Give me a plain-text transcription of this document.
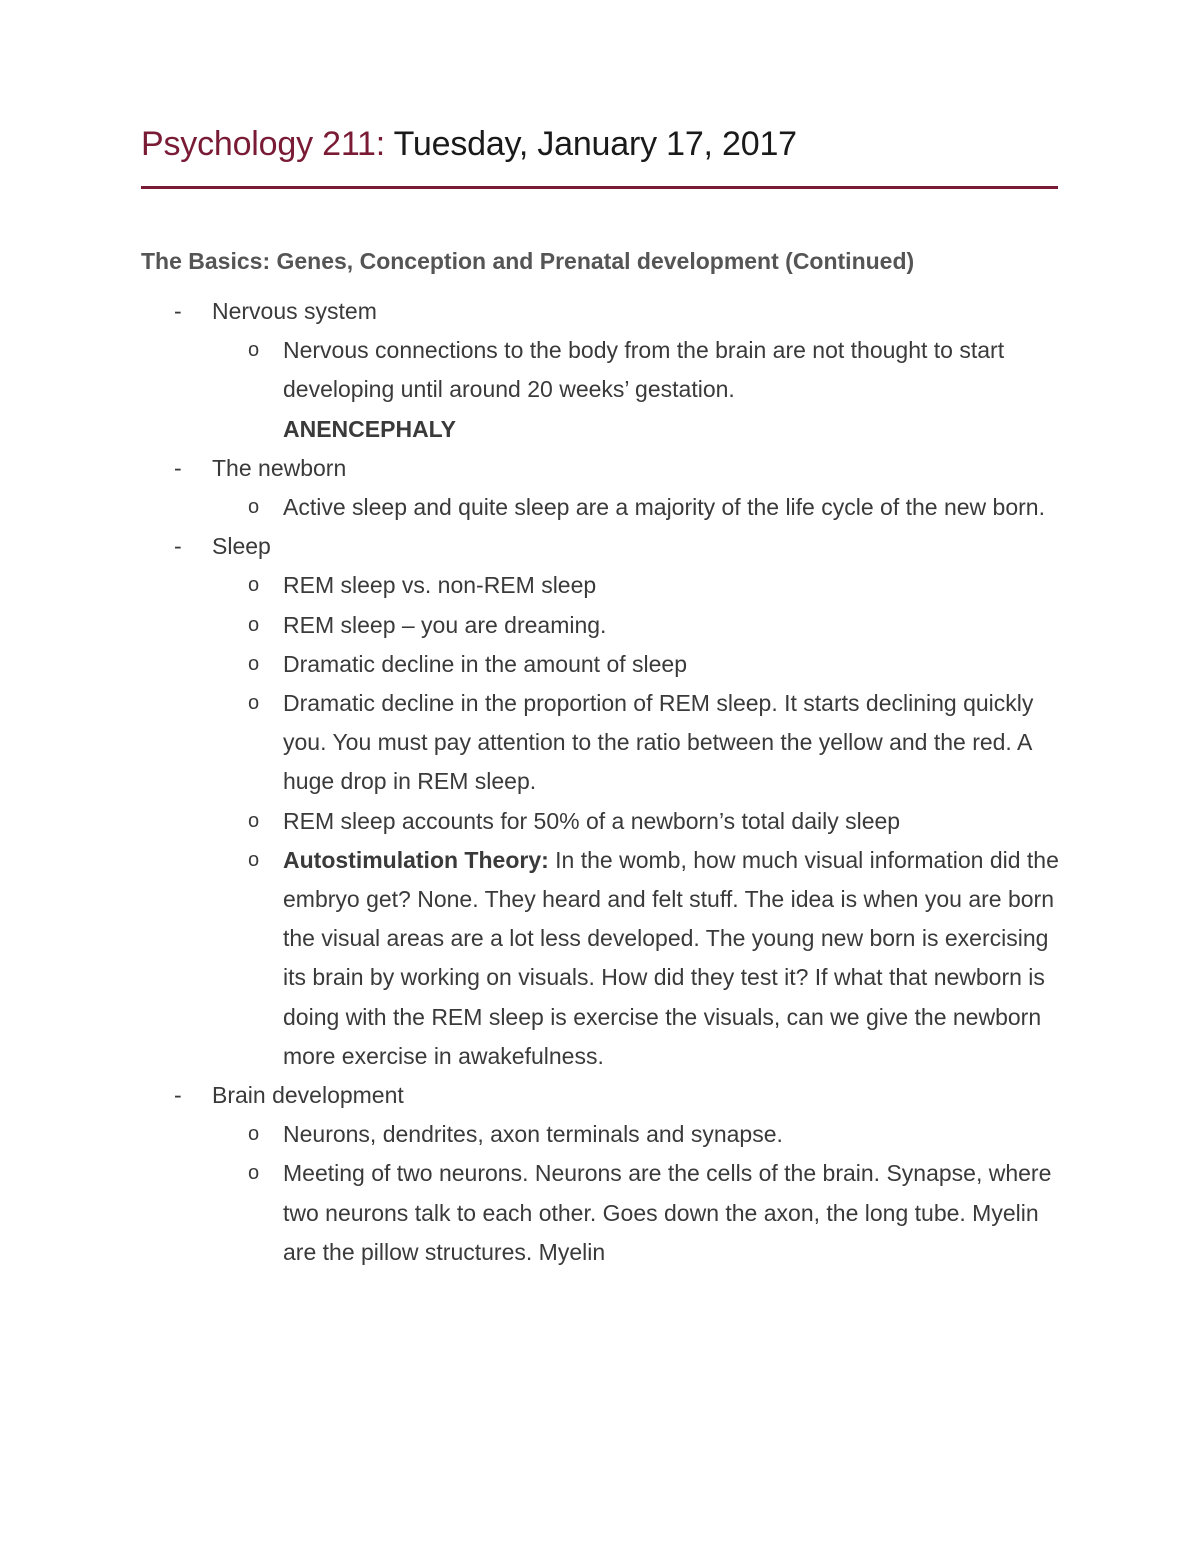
Psychology 211: Tuesday, January 17, 2017
The Basics: Genes, Conception and Prenatal development (Continued)
- Nervous system
o Nervous connections to the body from the brain are not thought to start developing until around 20 weeks’ gestation.
ANENCEPHALY
- The newborn
o Active sleep and quite sleep are a majority of the life cycle of the new born.
- Sleep
o REM sleep vs. non-REM sleep
o REM sleep – you are dreaming.
o Dramatic decline in the amount of sleep
o Dramatic decline in the proportion of REM sleep. It starts declining quickly you. You must pay attention to the ratio between the yellow and the red. A huge drop in REM sleep.
o REM sleep accounts for 50% of a newborn’s total daily sleep
o Autostimulation Theory: In the womb, how much visual information did the embryo get? None. They heard and felt stuff. The idea is when you are born the visual areas are a lot less developed. The young new born is exercising its brain by working on visuals. How did they test it? If what that newborn is doing with the REM sleep is exercise the visuals, can we give the newborn more exercise in awakefulness.
- Brain development
o Neurons, dendrites, axon terminals and synapse.
o Meeting of two neurons. Neurons are the cells of the brain. Synapse, where two neurons talk to each other. Goes down the axon, the long tube. Myelin are the pillow structures. Myelin
